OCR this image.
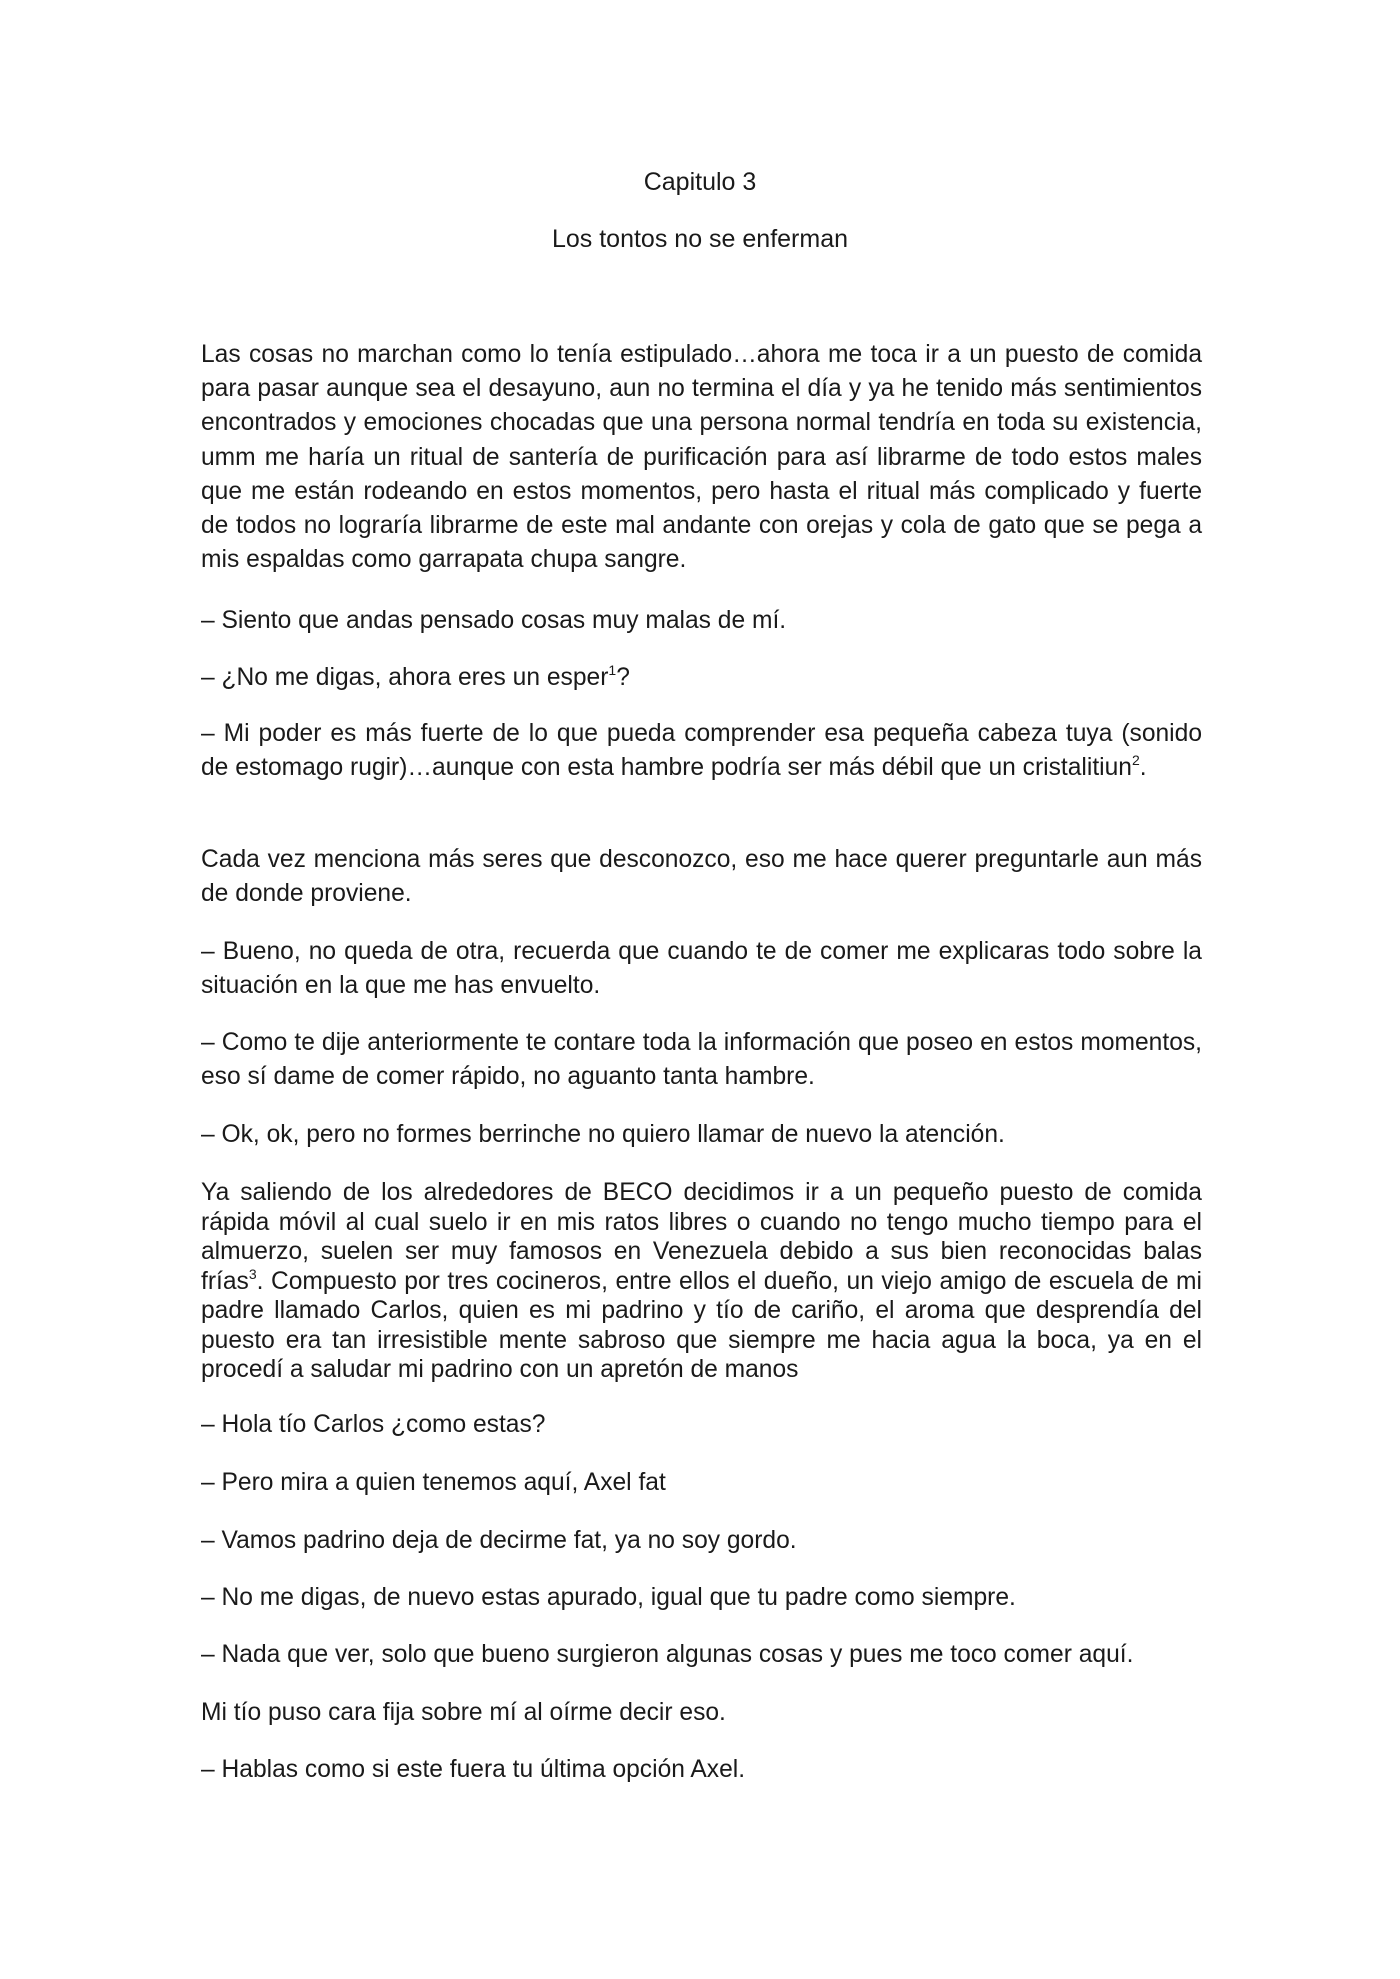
Capitulo 3
Los tontos no se enferman

Las cosas no marchan como lo tenía estipulado…ahora me toca ir a un puesto de comida para pasar aunque sea el desayuno, aun no termina el día y ya he tenido más sentimientos encontrados y emociones chocadas que una persona normal tendría en toda su existencia, umm me haría un ritual de santería de purificación para así librarme de todo estos males que me están rodeando en estos momentos, pero hasta el ritual más complicado y fuerte de todos no lograría librarme de este mal andante con orejas y cola de gato que se pega a mis espaldas como garrapata chupa sangre.

– Siento que andas pensado cosas muy malas de mí.

– ¿No me digas, ahora eres un esper$^1$?

– Mi poder es más fuerte de lo que pueda comprender esa pequeña cabeza tuya (sonido de estomago rugir)…aunque con esta hambre podría ser más débil que un cristalitiun$^2$.

Cada vez menciona más seres que desconozco, eso me hace querer preguntarle aun más de donde proviene.

– Bueno, no queda de otra, recuerda que cuando te de comer me explicaras todo sobre la situación en la que me has envuelto.

– Como te dije anteriormente te contare toda la información que poseo en estos momentos, eso sí dame de comer rápido, no aguanto tanta hambre.

– Ok, ok, pero no formes berrinche no quiero llamar de nuevo la atención.

Ya saliendo de los alrededores de BECO decidimos ir a un pequeño puesto de comida rápida móvil al cual suelo ir en mis ratos libres o cuando no tengo mucho tiempo para el almuerzo, suelen ser muy famosos en Venezuela debido a sus bien reconocidas balas frías$^3$. Compuesto por tres cocineros, entre ellos el dueño, un viejo amigo de escuela de mi padre llamado Carlos, quien es mi padrino y tío de cariño, el aroma que desprendía del puesto era tan irresistible mente sabroso que siempre me hacia agua la boca, ya en el procedí a saludar mi padrino con un apretón de manos

– Hola tío Carlos ¿como estas?

– Pero mira a quien tenemos aquí, Axel fat

– Vamos padrino deja de decirme fat, ya no soy gordo.

– No me digas, de nuevo estas apurado, igual que tu padre como siempre.

– Nada que ver, solo que bueno surgieron algunas cosas y pues me toco comer aquí.

Mi tío puso cara fija sobre mí al oírme decir eso.

– Hablas como si este fuera tu última opción Axel.
